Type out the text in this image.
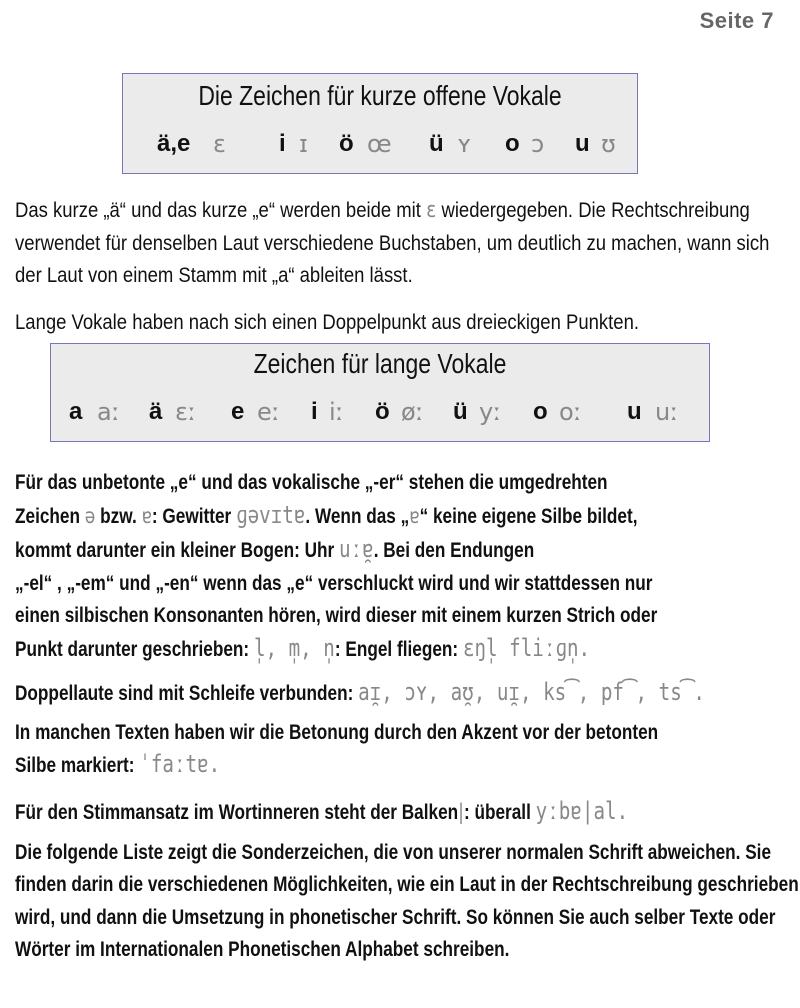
Seite 7
Die Zeichen für kurze offene Vokale
ä,e ɛ i ɪ ö œ ü ʏ o ɔ u ʊ
Das kurze „ä“ und das kurze „e“ werden beide mit ɛ wiedergegeben. Die Rechtschreibung verwendet für denselben Laut verschiedene Buchstaben, um deutlich zu machen, wann sich der Laut von einem Stamm mit „a“ ableiten lässt.
Lange Vokale haben nach sich einen Doppelpunkt aus dreieckigen Punkten.
Zeichen für lange Vokale
a aː ä ɛː e eː i iː ö øː ü yː o oː u uː
Für das unbetonte „e“ und das vokalische „-er“ stehen die umgedrehten
Zeichen ə bzw. ɐ: Gewitter ɡəvɪtɐ. Wenn das „ɐ“ keine eigene Silbe bildet,
kommt darunter ein kleiner Bogen: Uhr uːɐ̯. Bei den Endungen
„-el“ , „-em“ und „-en“ wenn das „e“ verschluckt wird und wir stattdessen nur
einen silbischen Konsonanten hören, wird dieser mit einem kurzen Strich oder
Punkt darunter geschrieben: l̩, m̩, n̩: Engel fliegen: ɛŋl̩ fliːɡn̩.
Doppellaute sind mit Schleife verbunden: aɪ̯, ɔʏ, aʊ̯, uɪ̯, ks͡, pf͡, ts͡.
In manchen Texten haben wir die Betonung durch den Akzent vor der betonten
Silbe markiert: ˈfaːtɐ.
Für den Stimmansatz im Wortinneren steht der Balken|: überall yːbɐ|al.
Die folgende Liste zeigt die Sonderzeichen, die von unserer normalen Schrift abweichen. Sie finden darin die verschiedenen Möglichkeiten, wie ein Laut in der Rechtschreibung geschrieben wird, und dann die Umsetzung in phonetischer Schrift. So können Sie auch selber Texte oder Wörter im Internationalen Phonetischen Alphabet schreiben.
